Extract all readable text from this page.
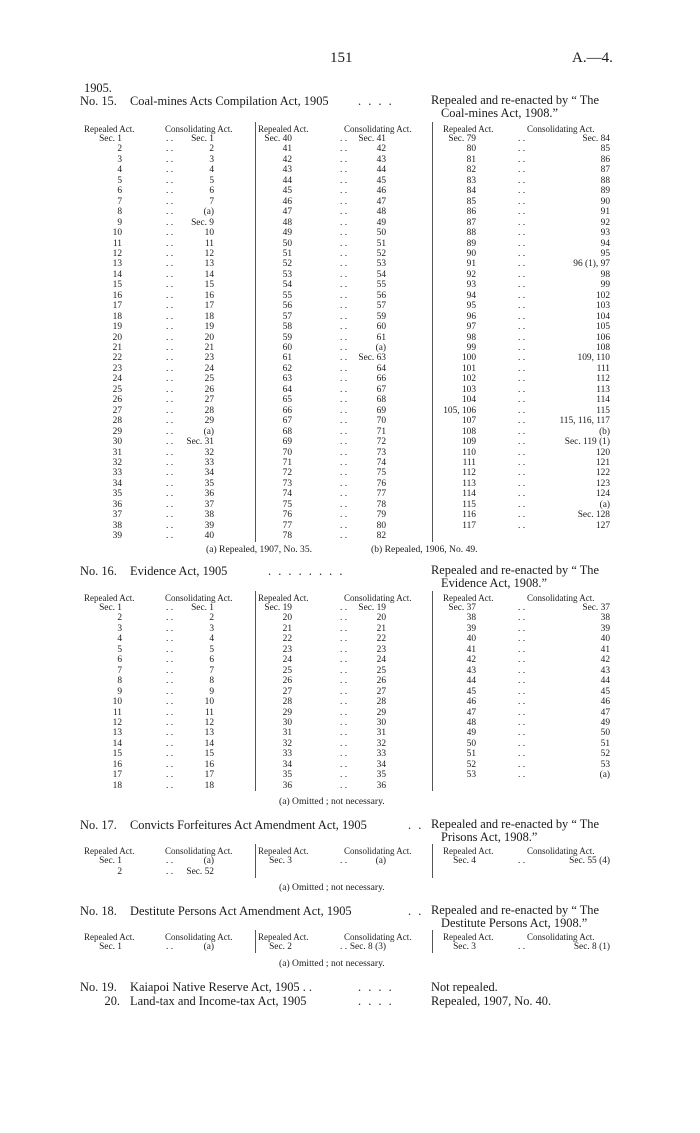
151	A.—4.
1905.
No. 15. Coal-mines Acts Compilation Act, 1905 . . . .	Repealed and re-enacted by “ The
Coal-mines Act, 1908.”
Repealed Act.	Consolidating Act.
Sec. 1	. . Sec. 1
2	. .	2
3	. .	3
4	. .	4
5	. .	5
6	. .	6
7	. .	7
8	. .	(a)
9	. . Sec. 9
10	. .	10
11	. .	11
12	. .	12
13	. .	13
14	. .	14
15	. .	15
16	. .	16
17	. .	17
18	. .	18
19	. .	19
20	. .	20
21	. .	21
22	. .	23
23	. .	24
24	. .	25
25	. .	26
26	. .	27
27	. .	28
28	. .	29
29	. .	(a)
30	. . Sec. 31
31	. .	32
32	. .	33
33	. .	34
34	. .	35
35	. .	36
36	. .	37
37	. .	38
38	. .	39
39	. .	40
Repealed Act.	Consolidating Act.
Sec. 40	. . Sec. 41
41	. .	42
42	. .	43
43	. .	44
44	. .	45
45	. .	46
46	. .	47
47	. .	48
48	. .	49
49	. .	50
50	. .	51
51	. .	52
52	. .	53
53	. .	54
54	. .	55
55	. .	56
56	. .	57
57	. .	59
58	. .	60
59	. .	61
60	. .	(a)
61	. . Sec. 63
62	. .	64
63	. .	66
64	. .	67
65	. .	68
66	. .	69
67	. .	70
68	. .	71
69	. .	72
70	. .	73
71	. .	74
72	. .	75
73	. .	76
74	. .	77
75	. .	78
76	. .	79
77	. .	80
78	. .	82
Repealed Act.	Consolidating Act.
Sec. 79	. .	Sec. 84
80	. .	85
81	. .	86
82	. .	87
83	. .	88
84	. .	89
85	. .	90
86	. .	91
87	. .	92
88	. .	93
89	. .	94
90	. .	95
91	. .	96 (1), 97
92	. .	98
93	. .	99
94	. .	102
95	. .	103
96	. .	104
97	. .	105
98	. .	106
99	. .	108
100	. .	109, 110
101	. .	111
102	. .	112
103	. .	113
104	. .	114
105, 106	. .	115
107	. .	115, 116, 117
108	. .	(b)
109	. .	Sec. 119 (1)
110	. .	120
111	. .	121
112	. .	122
113	. .	123
114	. .	124
115	. .	(a)
116	. .	Sec. 128
117	. .	127
(a) Repealed, 1907, No. 35.	(b) Repealed, 1906, No. 49.
No. 16. Evidence Act, 1905	. . . . . . . .	Repealed and re-enacted by “ The
Evidence Act, 1908.”
Repealed Act.	Consolidating Act.
Sec. 1	. . Sec. 1
2	. .	2
3	. .	3
4	. .	4
5	. .	5
6	. .	6
7	. .	7
8	. .	8
9	. .	9
10	. .	10
11	. .	11
12	. .	12
13	. .	13
14	. .	14
15	. .	15
16	. .	16
17	. .	17
18	. .	18
Repealed Act.	Consolidating Act.
Sec. 19	. . Sec. 19
20	. .	20
21	. .	21
22	. .	22
23	. .	23
24	. .	24
25	. .	25
26	. .	26
27	. .	27
28	. .	28
29	. .	29
30	. .	30
31	. .	31
32	. .	32
33	. .	33
34	. .	34
35	. .	35
36	. .	36
Repealed Act.	Consolidating Act.
Sec. 37	. .	Sec. 37
38	. .	38
39	. .	39
40	. .	40
41	. .	41
42	. .	42
43	. .	43
44	. .	44
45	. .	45
46	. .	46
47	. .	47
48	. .	49
49	. .	50
50	. .	51
51	. .	52
52	. .	53
53	. .	(a)
(a) Omitted ; not necessary.
No. 17. Convicts Forfeitures Act Amendment Act, 1905	. . Repealed and re-enacted by “ The
Prisons Act, 1908.”
Repealed Act.	Consolidating Act.
Sec. 1	. .	(a)
2	. . Sec. 52
Repealed Act.	Consolidating Act.
Sec. 3	. .	(a)
Repealed Act.	Consolidating Act.
Sec. 4	. .	Sec. 55 (4)
(a) Omitted ; not necessary.
No. 18. Destitute Persons Act Amendment Act, 1905	. . Repealed and re-enacted by “ The
Destitute Persons Act, 1908.”
Repealed Act.	Consolidating Act.
Sec. 1	. .	(a)
Repealed Act.	Consolidating Act.
Sec. 2	. . Sec. 8 (3)
Repealed Act.	Consolidating Act.
Sec. 3	. .	Sec. 8 (1)
(a) Omitted ; not necessary.
No. 19. Kaiapoi Native Reserve Act, 1905 . .	. . . .	Not repealed.
20. Land-tax and Income-tax Act, 1905	. . . .	Repealed, 1907, No. 40.
